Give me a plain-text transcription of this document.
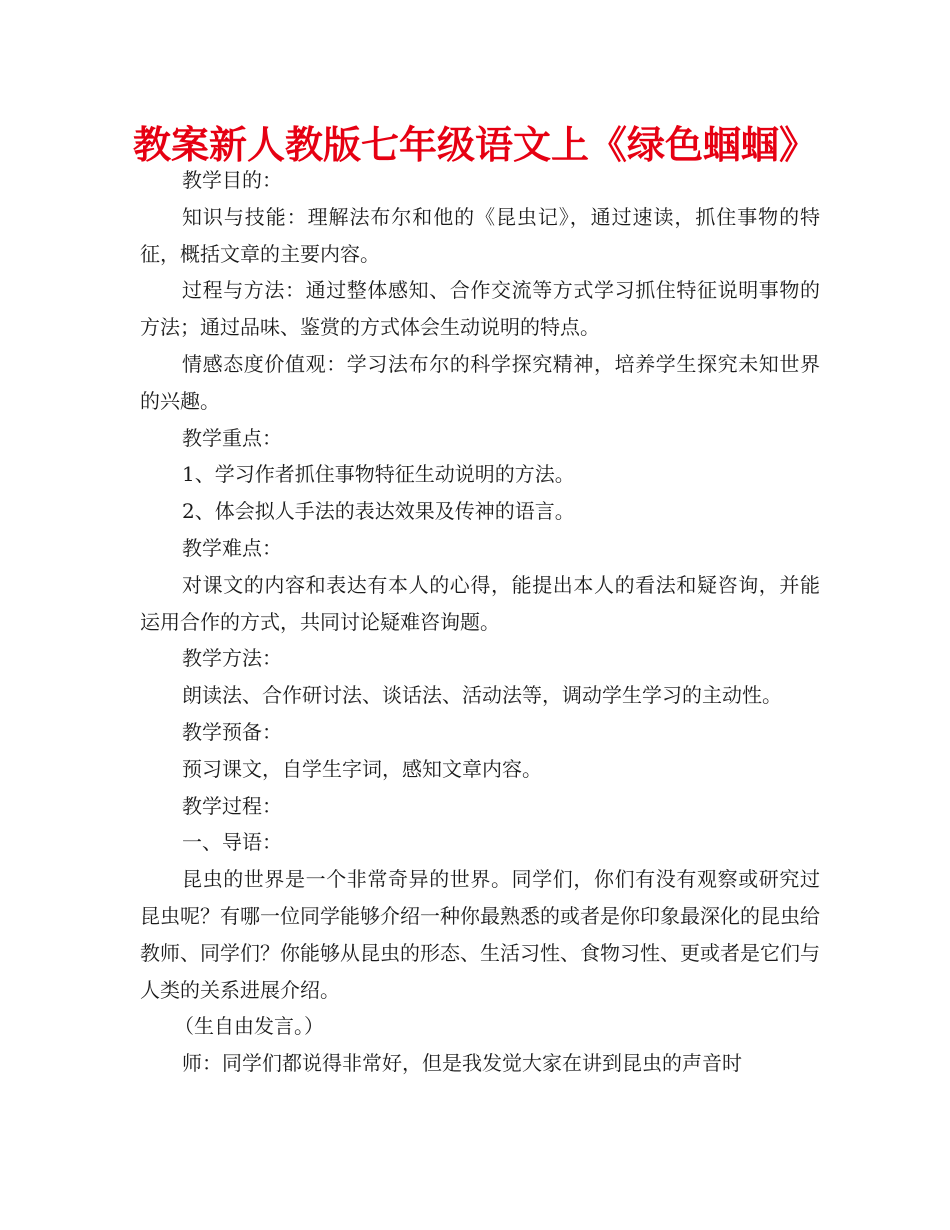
教案新人教版七年级语文上《绿色蝈蝈》

教学目的：

知识与技能：理解法布尔和他的《昆虫记》，通过速读，抓住事物的特征，概括文章的主要内容。

过程与方法：通过整体感知、合作交流等方式学习抓住特征说明事物的方法；通过品味、鉴赏的方式体会生动说明的特点。

情感态度价值观：学习法布尔的科学探究精神，培养学生探究未知世界的兴趣。

教学重点：

1、学习作者抓住事物特征生动说明的方法。

2、体会拟人手法的表达效果及传神的语言。

教学难点：

对课文的内容和表达有本人的心得，能提出本人的看法和疑咨询，并能运用合作的方式，共同讨论疑难咨询题。

教学方法：

朗读法、合作研讨法、谈话法、活动法等，调动学生学习的主动性。

教学预备：

预习课文，自学生字词，感知文章内容。

教学过程：

一、导语：

昆虫的世界是一个非常奇异的世界。同学们，你们有没有观察或研究过昆虫呢？有哪一位同学能够介绍一种你最熟悉的或者是你印象最深化的昆虫给教师、同学们？你能够从昆虫的形态、生活习性、食物习性、更或者是它们与人类的关系进展介绍。

（生自由发言。）

师：同学们都说得非常好，但是我发觉大家在讲到昆虫的声音时
